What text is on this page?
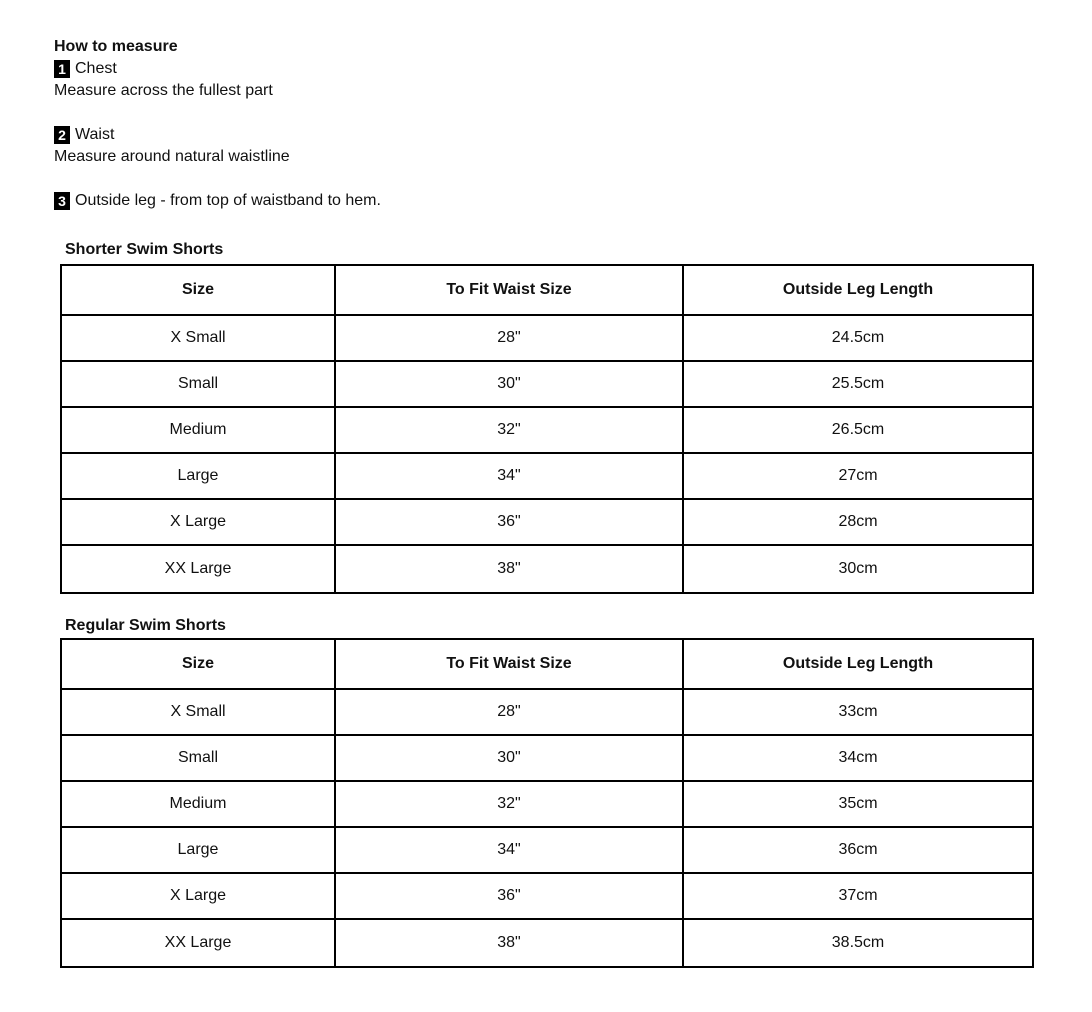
How to measure
1 Chest
Measure across the fullest part
2 Waist
Measure around natural waistline
3 Outside leg - from top of waistband to hem.
Shorter Swim Shorts
Size	To Fit Waist Size	Outside Leg Length
X Small	28"	24.5cm
Small	30"	25.5cm
Medium	32"	26.5cm
Large	34"	27cm
X Large	36"	28cm
XX Large	38"	30cm
Regular Swim Shorts
Size	To Fit Waist Size	Outside Leg Length
X Small	28"	33cm
Small	30"	34cm
Medium	32"	35cm
Large	34"	36cm
X Large	36"	37cm
XX Large	38"	38.5cm
